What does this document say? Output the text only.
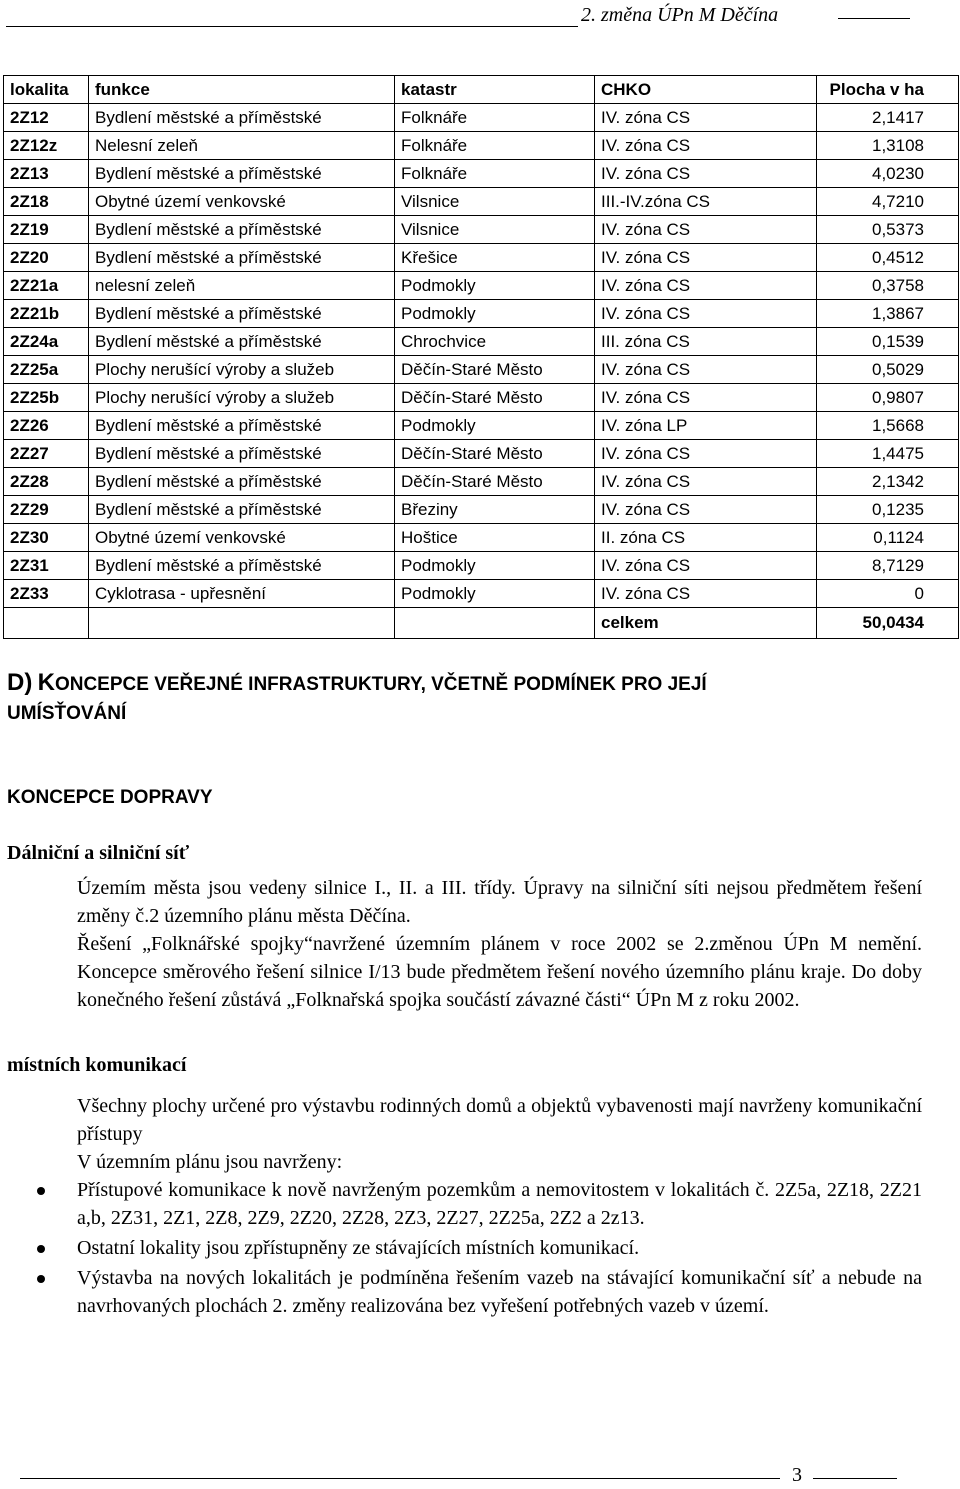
2. změna ÚPn M Děčína
lokalita	funkce	katastr	CHKO	Plocha v ha
2Z12	Bydlení městské a příměstské	Folknáře	IV. zóna CS	2,1417
2Z12z	Nelesní zeleň	Folknáře	IV. zóna CS	1,3108
2Z13	Bydlení městské a příměstské	Folknáře	IV. zóna CS	4,0230
2Z18	Obytné území venkovské	Vilsnice	III.-IV.zóna CS	4,7210
2Z19	Bydlení městské a příměstské	Vilsnice	IV. zóna CS	0,5373
2Z20	Bydlení městské a příměstské	Křešice	IV. zóna CS	0,4512
2Z21a	nelesní zeleň	Podmokly	IV. zóna CS	0,3758
2Z21b	Bydlení městské a příměstské	Podmokly	IV. zóna CS	1,3867
2Z24a	Bydlení městské a příměstské	Chrochvice	III. zóna CS	0,1539
2Z25a	Plochy nerušící výroby a služeb	Děčín-Staré Město	IV. zóna CS	0,5029
2Z25b	Plochy nerušící výroby a služeb	Děčín-Staré Město	IV. zóna CS	0,9807
2Z26	Bydlení městské a příměstské	Podmokly	IV. zóna LP	1,5668
2Z27	Bydlení městské a příměstské	Děčín-Staré Město	IV. zóna CS	1,4475
2Z28	Bydlení městské a příměstské	Děčín-Staré Město	IV. zóna CS	2,1342
2Z29	Bydlení městské a příměstské	Březiny	IV. zóna CS	0,1235
2Z30	Obytné území venkovské	Hoštice	II. zóna CS	0,1124
2Z31	Bydlení městské a příměstské	Podmokly	IV. zóna CS	8,7129
2Z33	Cyklotrasa - upřesnění	Podmokly	IV. zóna CS	0
			celkem	50,0434
D) KONCEPCE VEŘEJNÉ INFRASTRUKTURY, VČETNĚ PODMÍNEK PRO JEJÍ
UMÍSŤOVÁNÍ
KONCEPCE DOPRAVY
Dálniční a silniční síť
Územím města jsou vedeny silnice I., II. a III. třídy. Úpravy na silniční síti nejsou předmětem řešení změny č.2 územního plánu města Děčína.
Řešení „Folknářské spojky“navržené územním plánem v roce 2002 se 2.změnou ÚPn M nemění. Koncepce směrového řešení silnice I/13 bude předmětem řešení nového územního plánu kraje. Do doby konečného řešení zůstává „Folknařská spojka součástí závazné části“ ÚPn M z roku 2002.
místních komunikací
Všechny plochy určené pro výstavbu rodinných domů a objektů vybavenosti mají navrženy komunikační přístupy
V územním plánu jsou navrženy:
Přístupové komunikace k nově navrženým pozemkům a nemovitostem v lokalitách č. 2Z5a, 2Z18, 2Z21 a,b, 2Z31, 2Z1, 2Z8, 2Z9, 2Z20, 2Z28, 2Z3, 2Z27, 2Z25a, 2Z2 a 2z13.
Ostatní lokality jsou zpřístupněny ze stávajících místních komunikací.
Výstavba na nových lokalitách je podmíněna řešením vazeb na stávající komunikační síť a nebude na navrhovaných plochách 2. změny realizována bez vyřešení potřebných vazeb v území.
3
